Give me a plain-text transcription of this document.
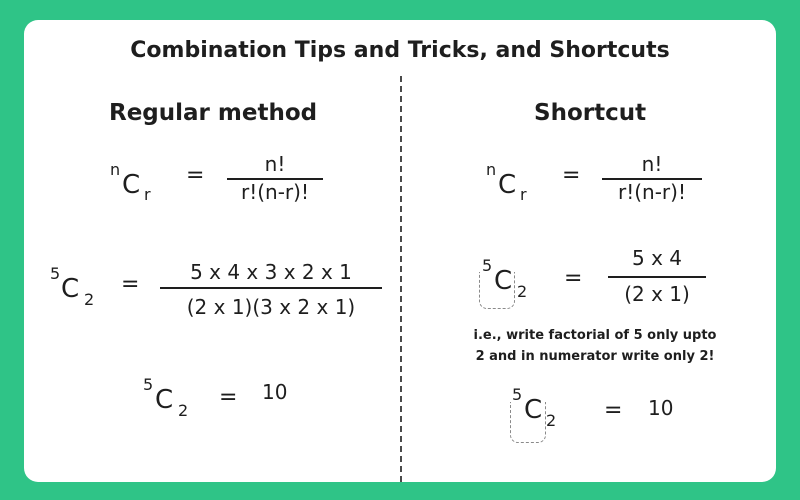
Combination Tips and Tricks, and Shortcuts
Regular method
n
C r
=	n!
r!(n-r)!
5
C 2
=	5 x 4 x 3 x 2 x 1
(2 x 1)(3 x 2 x 1)
5
C 2
= 10
Shortcut
n
C r
=	n!
r!(n-r)!
5
C 2
=
5 x 4
(2 x 1)
i.e., write factorial of 5 only upto
2 and in numerator write only 2!
5
C 2 = 10
